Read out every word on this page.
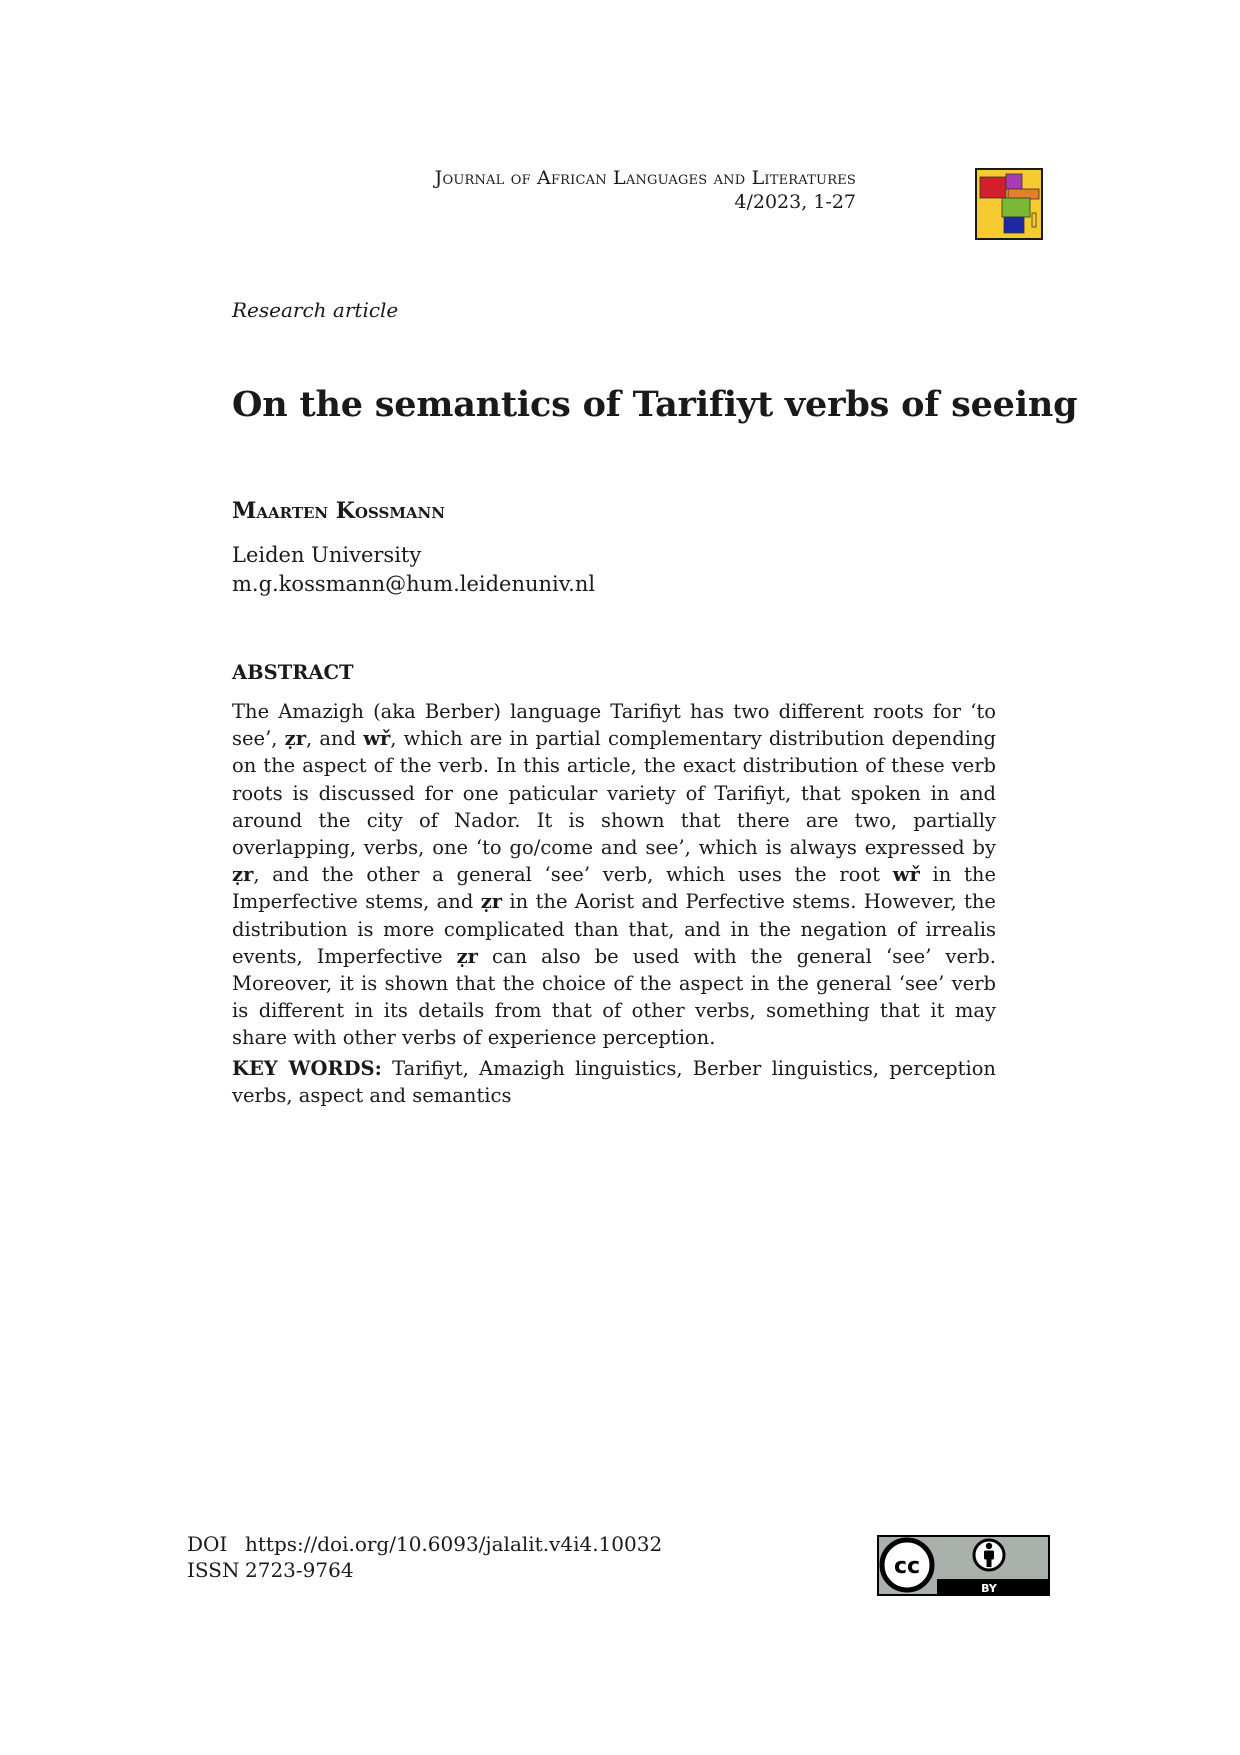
Journal of African Languages and Literatures
4/2023, 1-27
Research article
On the semantics of Tarifiyt verbs of seeing
Maarten Kossmann
Leiden University
m.g.kossmann@hum.leidenuniv.nl
ABSTRACT

The Amazigh (aka Berber) language Tarifiyt has two different roots for ‘to see’, ẓr, and wř, which are in partial complementary distribution depending on the aspect of the verb. In this article, the exact distribution of these verb roots is discussed for one paticular variety of Tarifiyt, that spoken in and around the city of Nador. It is shown that there are two, partially overlapping, verbs, one ‘to go/come and see’, which is always expressed by ẓr, and the other a general ‘see’ verb, which uses the root wř in the Imperfective stems, and ẓr in the Aorist and Perfective stems. However, the distribution is more complicated than that, and in the negation of irrealis events, Imperfective ẓr can also be used with the general ‘see’ verb. Moreover, it is shown that the choice of the aspect in the general ‘see’ verb is different in its details from that of other verbs, something that it may share with other verbs of experience perception.

KEY WORDS: Tarifiyt, Amazigh linguistics, Berber linguistics, perception verbs, aspect and semantics

DOI https://doi.org/10.6093/jalalit.v4i4.10032
ISSN 2723-9764	cc
BY
